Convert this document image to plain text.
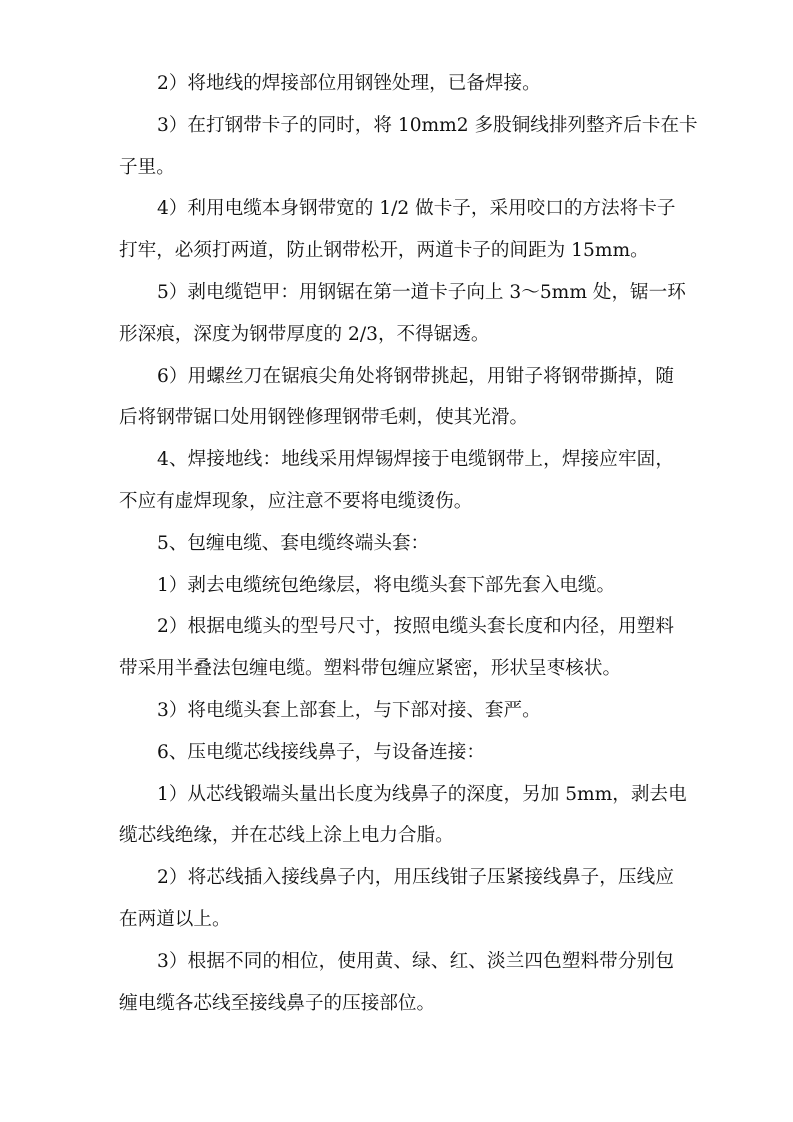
2）将地线的焊接部位用钢锉处理，已备焊接。
3）在打钢带卡子的同时，将 10mm2 多股铜线排列整齐后卡在卡
子里。
4）利用电缆本身钢带宽的 1/2 做卡子，采用咬口的方法将卡子
打牢，必须打两道，防止钢带松开，两道卡子的间距为 15mm。
5）剥电缆铠甲：用钢锯在第一道卡子向上 3～5mm 处，锯一环
形深痕，深度为钢带厚度的 2/3，不得锯透。
6）用螺丝刀在锯痕尖角处将钢带挑起，用钳子将钢带撕掉，随
后将钢带锯口处用钢锉修理钢带毛刺，使其光滑。
4、焊接地线：地线采用焊锡焊接于电缆钢带上，焊接应牢固，
不应有虚焊现象，应注意不要将电缆烫伤。
5、包缠电缆、套电缆终端头套：
1）剥去电缆统包绝缘层，将电缆头套下部先套入电缆。
2）根据电缆头的型号尺寸，按照电缆头套长度和内径，用塑料
带采用半叠法包缠电缆。塑料带包缠应紧密，形状呈枣核状。
3）将电缆头套上部套上，与下部对接、套严。
6、压电缆芯线接线鼻子，与设备连接：
1）从芯线锻端头量出长度为线鼻子的深度，另加 5mm，剥去电
缆芯线绝缘，并在芯线上涂上电力合脂。
2）将芯线插入接线鼻子内，用压线钳子压紧接线鼻子，压线应
在两道以上。
3）根据不同的相位，使用黄、绿、红、淡兰四色塑料带分别包
缠电缆各芯线至接线鼻子的压接部位。
